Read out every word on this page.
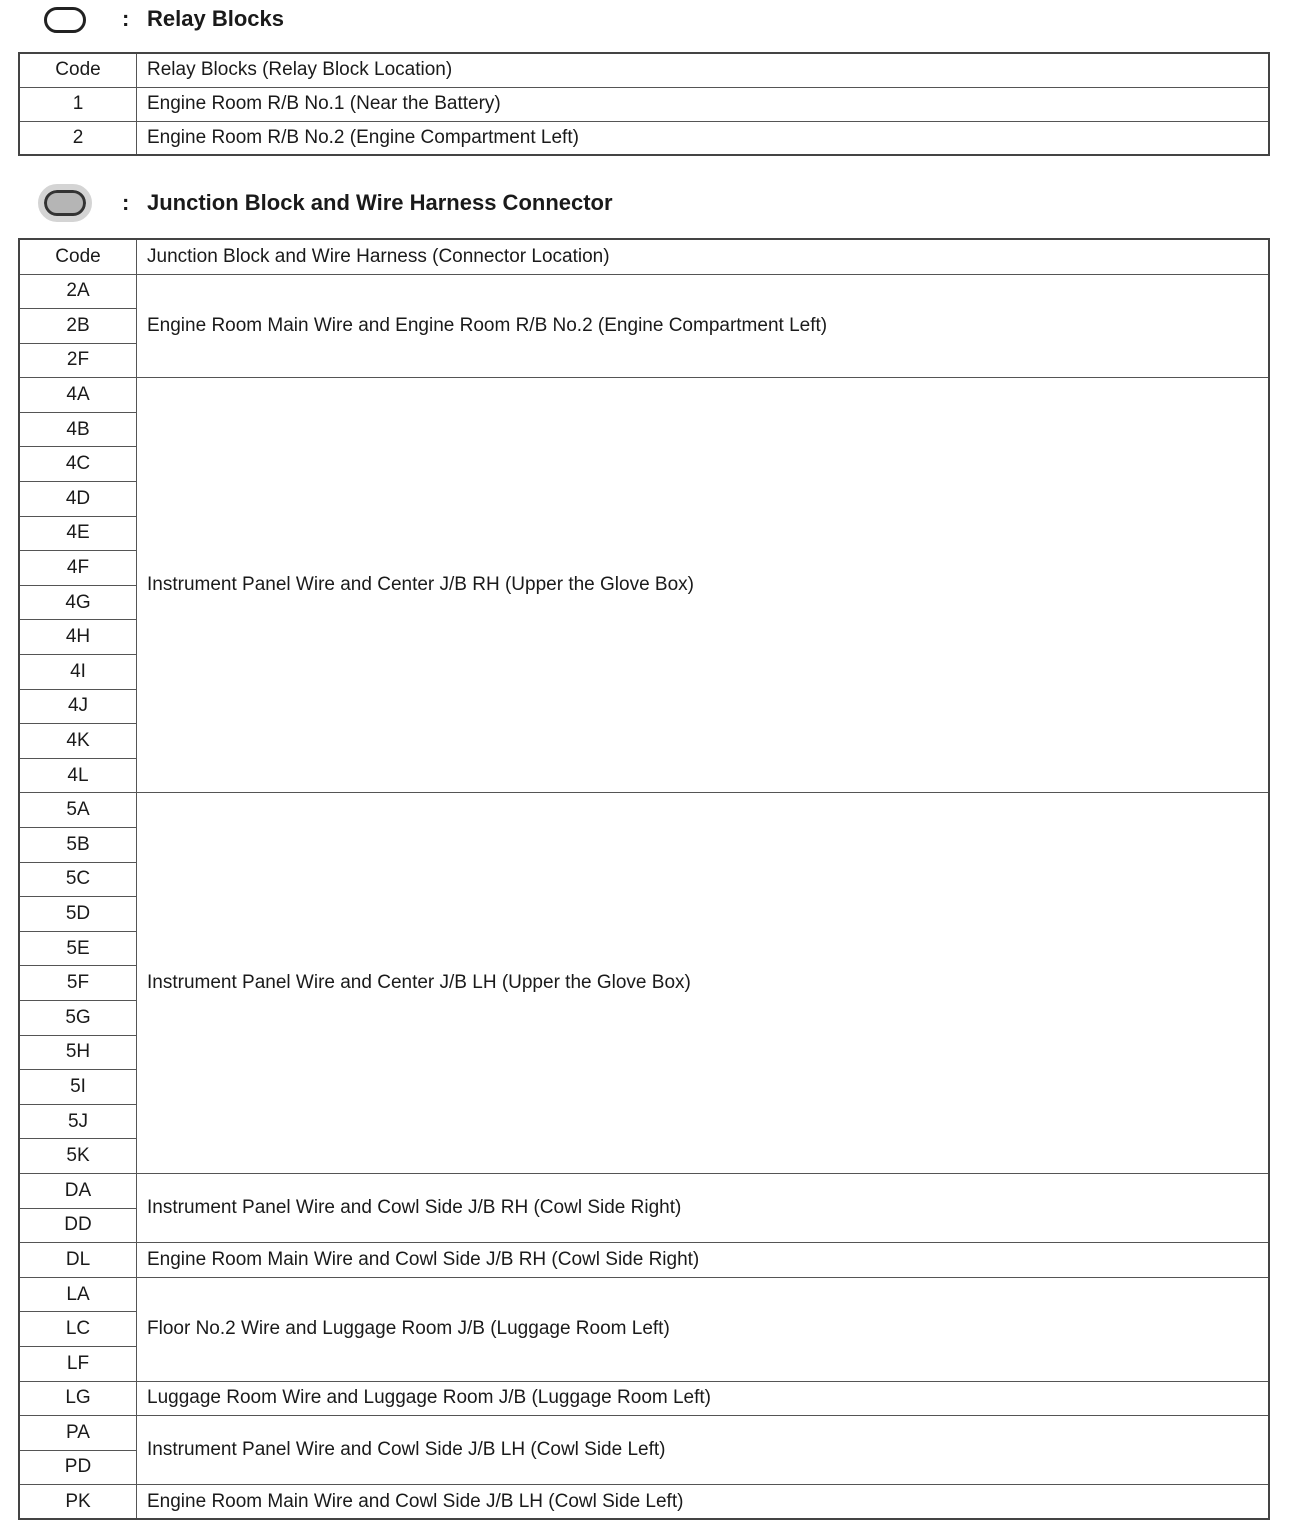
: Relay Blocks
Code	Relay Blocks (Relay Block Location)
1	Engine Room R/B No.1 (Near the Battery)
2	Engine Room R/B No.2 (Engine Compartment Left)
: Junction Block and Wire Harness Connector
Code	Junction Block and Wire Harness (Connector Location)
2A	Engine Room Main Wire and Engine Room R/B No.2 (Engine Compartment Left)
2B	
2F	
4A	Instrument Panel Wire and Center J/B RH (Upper the Glove Box)
4B	
4C	
4D	
4E	
4F	
4G	
4H	
4I	
4J	
4K	
4L	
5A	Instrument Panel Wire and Center J/B LH (Upper the Glove Box)
5B	
5C	
5D	
5E	
5F	
5G	
5H	
5I	
5J	
5K	
DA	Instrument Panel Wire and Cowl Side J/B RH (Cowl Side Right)
DD	
DL	Engine Room Main Wire and Cowl Side J/B RH (Cowl Side Right)
LA	Floor No.2 Wire and Luggage Room J/B (Luggage Room Left)
LC	
LF	
LG	Luggage Room Wire and Luggage Room J/B (Luggage Room Left)
PA	Instrument Panel Wire and Cowl Side J/B LH (Cowl Side Left)
PD	
PK	Engine Room Main Wire and Cowl Side J/B LH (Cowl Side Left)
